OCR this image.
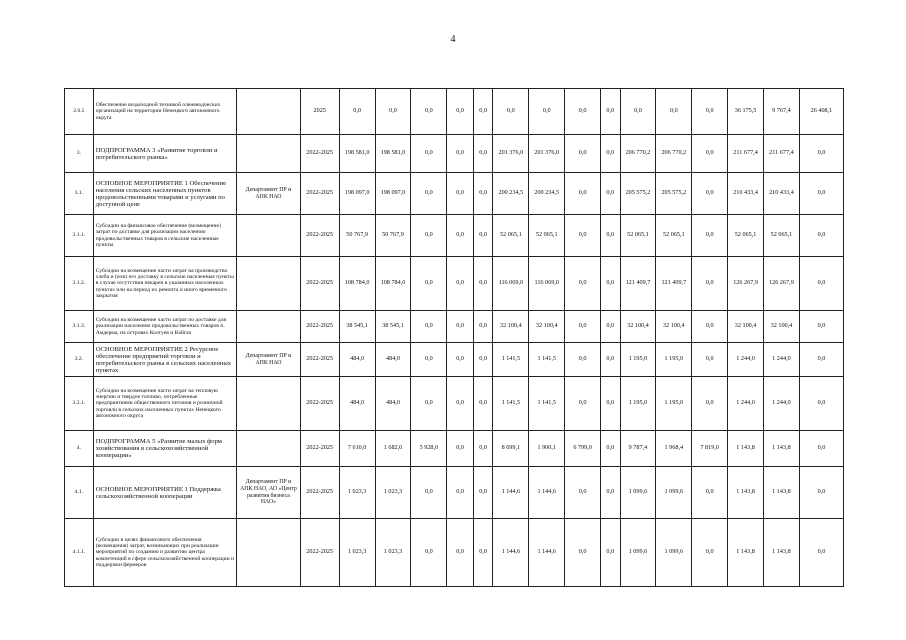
4
2.6.5	Обеспечение воздеходной техникой оленеводческих организаций на территории Ненецкого автономного округа		2025	0,0	0,0	0,0	0,0	0,0	0,0	0,0	0,0	0,0	0,0	0,0	0,0	36 175,5	9 767,4	26 408,1
3.	ПОДПРОГРАММА 3 «Развитие торговли и потребительского рынка»		2022-2025	198 581,0	198 581,0	0,0	0,0	0,0	201 376,0	201 376,0	0,0	0,0	206 770,2	206 770,2	0,0	211 677,4	211 677,4	0,0
3.1.	ОСНОВНОЕ МЕРОПРИЯТИЕ 1 Обеспечение населения сельских населенных пунктов продовольственными товарами и услугами по доступной цене	Департамент ПР и АПК НАО	2022-2025	198 097,0	198 097,0	0,0	0,0	0,0	200 234,5	200 234,5	0,0	0,0	205 575,2	205 575,2	0,0	210 433,4	210 433,4	0,0
3.1.1.	Субсидии на финансовое обеспечение (возмещение) затрат по доставке для реализации населению продовольственных товаров в сельские населенные пункты		2022-2025	50 767,9	50 767,9	0,0	0,0	0,0	52 065,1	52 065,1	0,0	0,0	52 065,1	52 065,1	0,0	52 065,1	52 065,1	0,0
3.1.2.	Субсидии на возмещение части затрат на производство хлеба и (или) его доставку в сельские населенные пункты в случае отсутствия пекарен в указанных населенных пунктах или на период их ремонта и иного временного закрытия		2022-2025	108 784,0	108 784,0	0,0	0,0	0,0	116 069,0	116 069,0	0,0	0,0	121 409,7	121 409,7	0,0	126 267,9	126 267,9	0,0
3.1.3.	Субсидии на возмещение части затрат по доставке для реализации населению продовольственных товаров п. Амдерма, на островах Колгуев и Вайгач		2022-2025	38 545,1	38 545,1	0,0	0,0	0,0	32 100,4	32 100,4	0,0	0,0	32 100,4	32 100,4	0,0	32 100,4	32 100,4	0,0
3.2.	ОСНОВНОЕ МЕРОПРИЯТИЕ 2 Ресурсное обеспечение предприятий торговли и потребительского рынка в сельских населенных пунктах	Департамент ПР и АПК НАО	2022-2025	484,0	484,0	0,0	0,0	0,0	1 141,5	1 141,5	0,0	0,0	1 195,0	1 195,0	0,0	1 244,0	1 244,0	0,0
3.2.1.	Субсидии на возмещение части затрат на тепловую энергию и твердое топливо, потребленные предприятиями общественного питания и розничной торговли в сельских населенных пунктах Ненецкого автономного округа		2022-2025	484,0	484,0	0,0	0,0	0,0	1 141,5	1 141,5	0,0	0,0	1 195,0	1 195,0	0,0	1 244,0	1 244,0	0,0
4.	ПОДПРОГРАММА 5 «Развитие малых форм хозяйствования в сельскохозяйственной кооперации»		2022-2025	7 610,0	1 682,0	5 928,0	0,0	0,0	8 699,1	1 900,1	6 799,0	0,0	9 787,4	1 968,4	7 819,0	1 143,8	1 143,8	0,0
4.1.	ОСНОВНОЕ МЕРОПРИЯТИЕ 1 Поддержка сельскохозяйственной кооперации	Департамент ПР и АПК НАО, АО «Центр развития бизнеса НАО»	2022-2025	1 023,3	1 023,3	0,0	0,0	0,0	1 144,6	1 144,6	0,0	0,0	1 099,6	1 099,6	0,0	1 143,8	1 143,8	0,0
4.1.1.	Субсидии в целях финансового обеспечения (возмещения) затрат, возникающих при реализации мероприятий по созданию и развитию центра компетенций в сфере сельскохозяйственной кооперации и поддержки фермеров		2022-2025	1 023,3	1 023,3	0,0	0,0	0,0	1 144,6	1 144,6	0,0	0,0	1 099,6	1 099,6	0,0	1 143,8	1 143,8	0,0
